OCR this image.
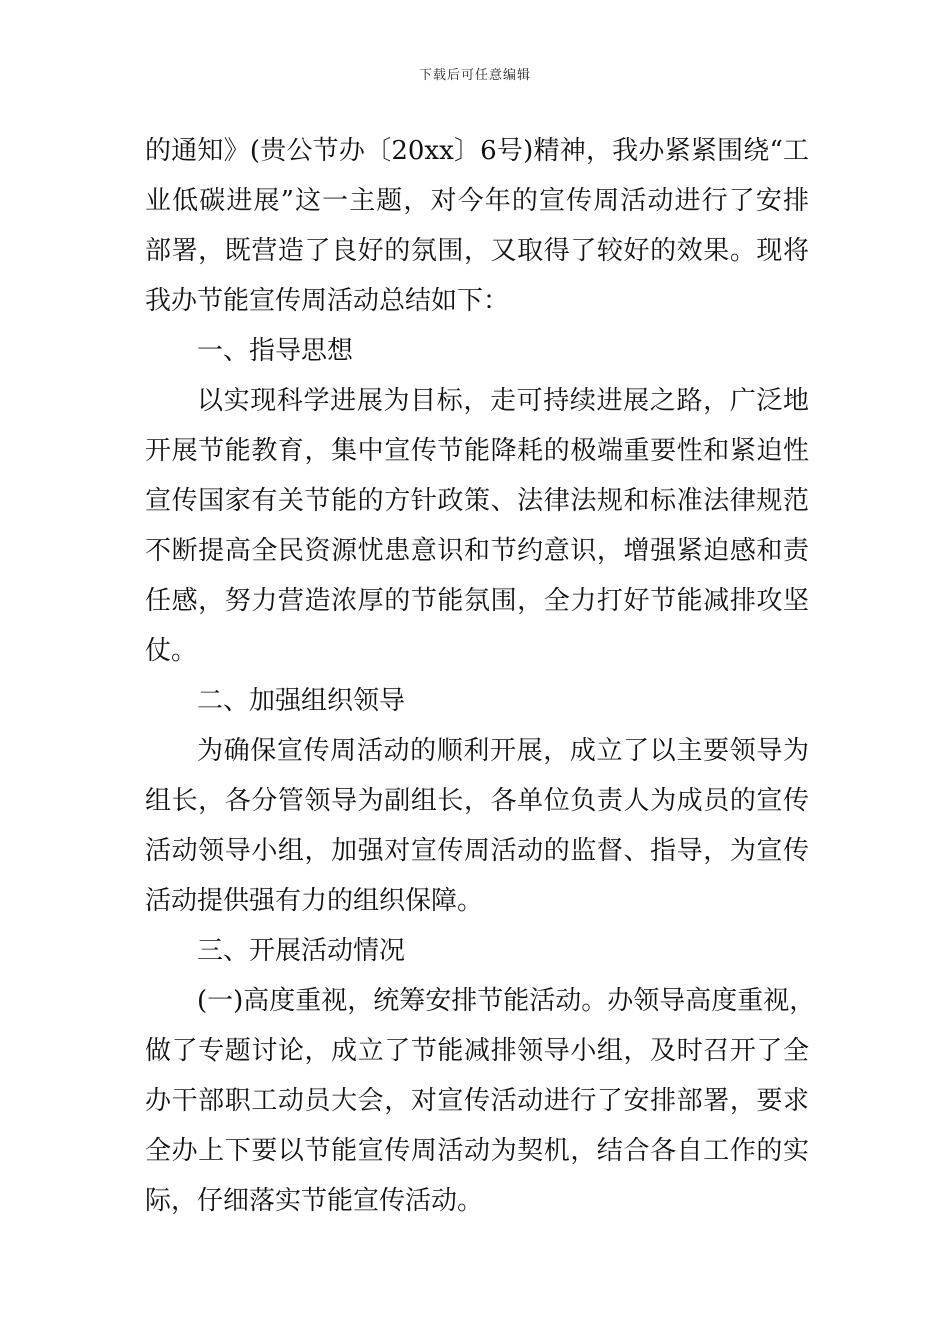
下载后可任意编辑
的通知》(贵公节办〔20xx〕6号)精神，我办紧紧围绕“工
业低碳进展”这一主题，对今年的宣传周活动进行了安排
部署，既营造了良好的氛围，又取得了较好的效果。现将
我办节能宣传周活动总结如下：
一、指导思想
以实现科学进展为目标，走可持续进展之路，广泛地
开展节能教育，集中宣传节能降耗的极端重要性和紧迫性
宣传国家有关节能的方针政策、法律法规和标准法律规范
不断提高全民资源忧患意识和节约意识，增强紧迫感和责
任感，努力营造浓厚的节能氛围，全力打好节能减排攻坚
仗。
二、加强组织领导
为确保宣传周活动的顺利开展，成立了以主要领导为
组长，各分管领导为副组长，各单位负责人为成员的宣传
活动领导小组，加强对宣传周活动的监督、指导，为宣传
活动提供强有力的组织保障。
三、开展活动情况
(一)高度重视，统筹安排节能活动。办领导高度重视，
做了专题讨论，成立了节能减排领导小组，及时召开了全
办干部职工动员大会，对宣传活动进行了安排部署，要求
全办上下要以节能宣传周活动为契机，结合各自工作的实
际，仔细落实节能宣传活动。
